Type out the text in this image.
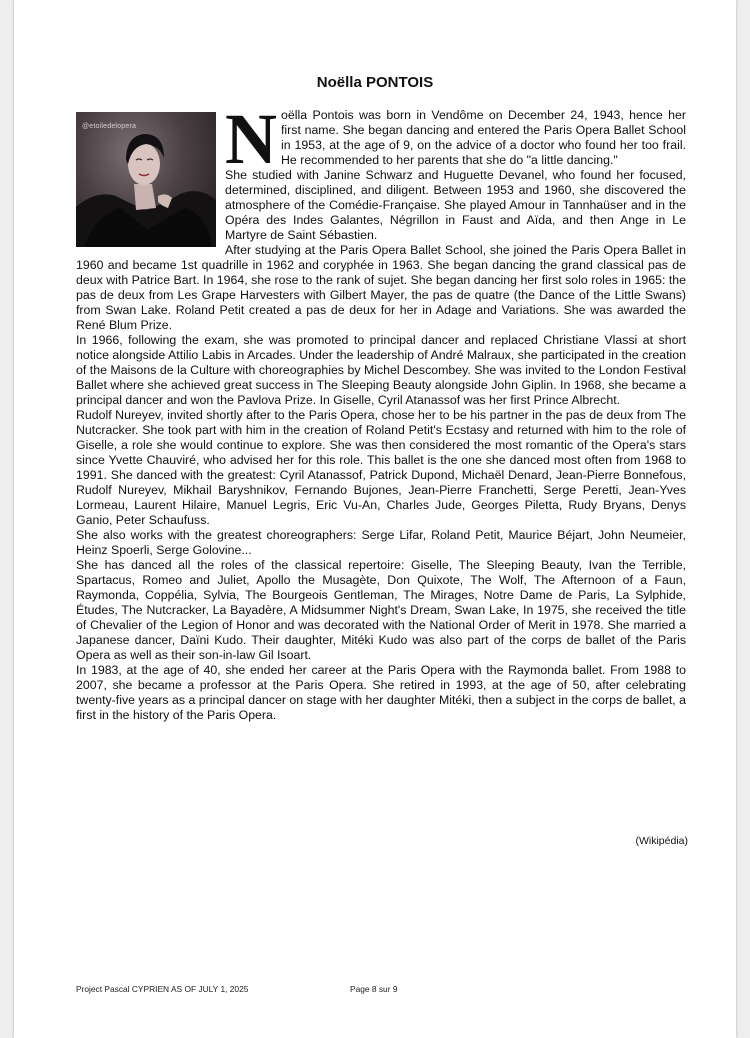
Noëlla PONTOIS
@etoiledelopera N oëlla Pontois was born in Vendôme on December 24, 1943, hence her first name. She began dancing and entered the Paris Opera Ballet School in 1953, at the age of 9, on the advice of a doctor who found her too frail. He recommended to her parents that she do "a little dancing."

She studied with Janine Schwarz and Huguette Devanel, who found her focused, determined, disciplined, and diligent. Between 1953 and 1960, she discovered the atmosphere of the Comédie-Française. She played Amour in Tannhaüser and in the Opéra des Indes Galantes, Négrillon in Faust and Aïda, and then Ange in Le Martyre de Saint Sébastien.

After studying at the Paris Opera Ballet School, she joined the Paris Opera Ballet in 1960 and became 1st quadrille in 1962 and coryphée in 1963. She began dancing the grand classical pas de deux with Patrice Bart. In 1964, she rose to the rank of sujet. She began dancing her first solo roles in 1965: the pas de deux from Les Grape Harvesters with Gilbert Mayer, the pas de quatre (the Dance of the Little Swans) from Swan Lake. Roland Petit created a pas de deux for her in Adage and Variations. She was awarded the René Blum Prize.

In 1966, following the exam, she was promoted to principal dancer and replaced Christiane Vlassi at short notice alongside Attilio Labis in Arcades. Under the leadership of André Malraux, she participated in the creation of the Maisons de la Culture with choreographies by Michel Descombey. She was invited to the London Festival Ballet where she achieved great success in The Sleeping Beauty alongside John Giplin. In 1968, she became a principal dancer and won the Pavlova Prize. In Giselle, Cyril Atanassof was her first Prince Albrecht.

Rudolf Nureyev, invited shortly after to the Paris Opera, chose her to be his partner in the pas de deux from The Nutcracker. She took part with him in the creation of Roland Petit's Ecstasy and returned with him to the role of Giselle, a role she would continue to explore. She was then considered the most romantic of the Opera's stars since Yvette Chauviré, who advised her for this role. This ballet is the one she danced most often from 1968 to 1991. She danced with the greatest: Cyril Atanassof, Patrick Dupond, Michaël Denard, Jean-Pierre Bonnefous, Rudolf Nureyev, Mikhail Baryshnikov, Fernando Bujones, Jean-Pierre Franchetti, Serge Peretti, Jean-Yves Lormeau, Laurent Hilaire, Manuel Legris, Eric Vu-An, Charles Jude, Georges Piletta, Rudy Bryans, Denys Ganio, Peter Schaufuss.

She also works with the greatest choreographers: Serge Lifar, Roland Petit, Maurice Béjart, John Neumeier, Heinz Spoerli, Serge Golovine...

She has danced all the roles of the classical repertoire: Giselle, The Sleeping Beauty, Ivan the Terrible, Spartacus, Romeo and Juliet, Apollo the Musagète, Don Quixote, The Wolf, The Afternoon of a Faun, Raymonda, Coppélia, Sylvia, The Bourgeois Gentleman, The Mirages, Notre Dame de Paris, La Sylphide, Études, The Nutcracker, La Bayadère, A Midsummer Night's Dream, Swan Lake, In 1975, she received the title of Chevalier of the Legion of Honor and was decorated with the National Order of Merit in 1978. She married a Japanese dancer, Daïni Kudo. Their daughter, Mitéki Kudo was also part of the corps de ballet of the Paris Opera as well as their son-in-law Gil Isoart.

In 1983, at the age of 40, she ended her career at the Paris Opera with the Raymonda ballet. From 1988 to 2007, she became a professor at the Paris Opera. She retired in 1993, at the age of 50, after celebrating twenty-five years as a principal dancer on stage with her daughter Mitéki, then a subject in the corps de ballet, a first in the history of the Paris Opera.

(Wikipédia)
Project Pascal CYPRIEN AS OF JULY 1, 2025	Page 8 sur 9
